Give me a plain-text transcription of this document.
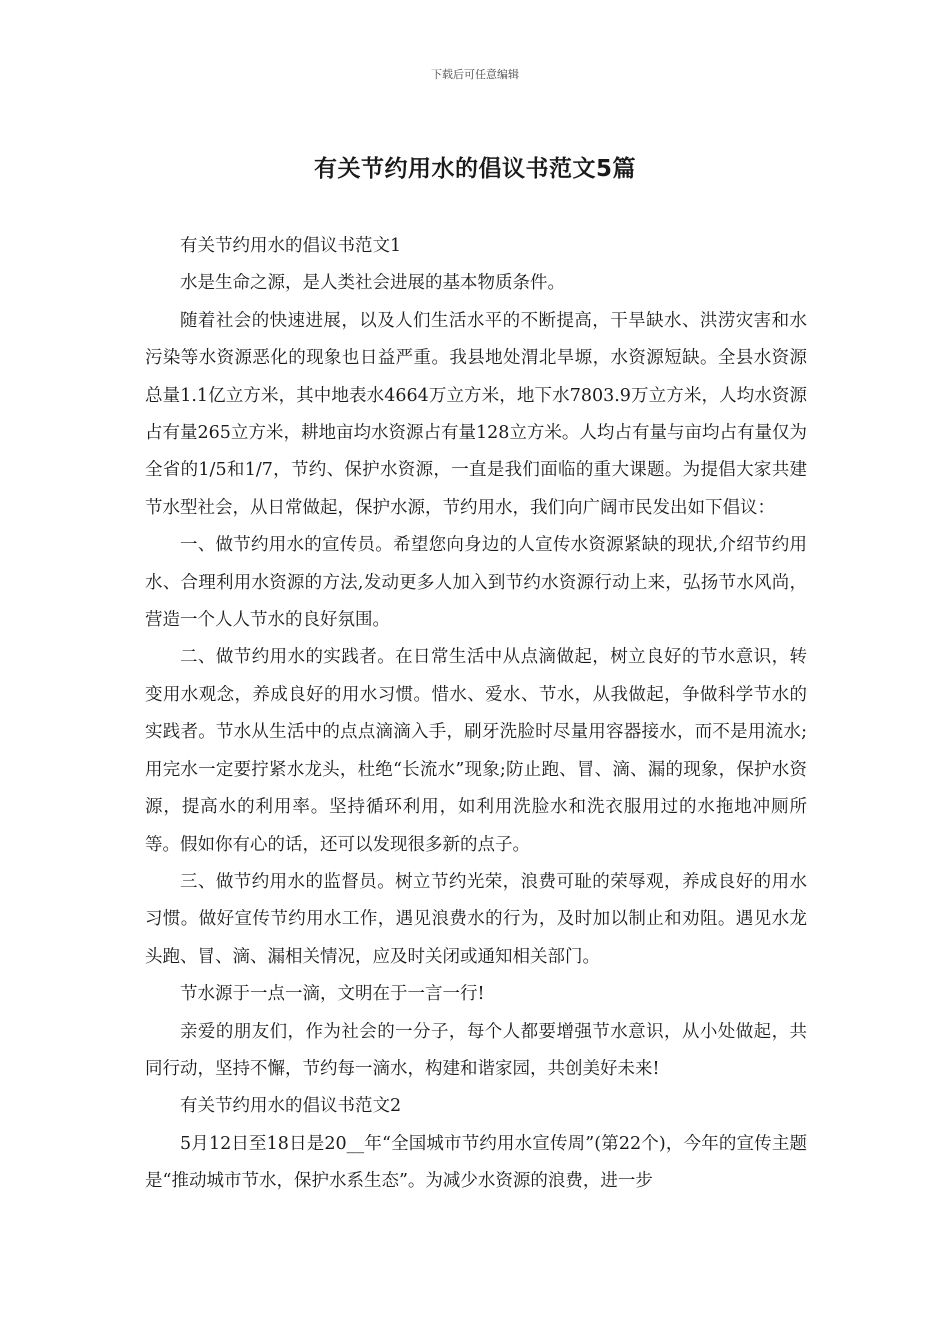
下载后可任意编辑
有关节约用水的倡议书范文5篇

有关节约用水的倡议书范文1

水是生命之源，是人类社会进展的基本物质条件。

随着社会的快速进展，以及人们生活水平的不断提高，干旱缺水、洪涝灾害和水污染等水资源恶化的现象也日益严重。我县地处渭北旱塬，水资源短缺。全县水资源总量1.1亿立方米，其中地表水4664万立方米，地下水7803.9万立方米，人均水资源占有量265立方米，耕地亩均水资源占有量128立方米。人均占有量与亩均占有量仅为全省的1/5和1/7，节约、保护水资源，一直是我们面临的重大课题。为提倡大家共建节水型社会，从日常做起，保护水源，节约用水，我们向广阔市民发出如下倡议：

一、做节约用水的宣传员。希望您向身边的人宣传水资源紧缺的现状,介绍节约用水、合理利用水资源的方法,发动更多人加入到节约水资源行动上来，弘扬节水风尚，营造一个人人节水的良好氛围。

二、做节约用水的实践者。在日常生活中从点滴做起，树立良好的节水意识，转变用水观念，养成良好的用水习惯。惜水、爱水、节水，从我做起，争做科学节水的实践者。节水从生活中的点点滴滴入手，刷牙洗脸时尽量用容器接水，而不是用流水;用完水一定要拧紧水龙头，杜绝“长流水”现象;防止跑、冒、滴、漏的现象，保护水资源，提高水的利用率。坚持循环利用，如利用洗脸水和洗衣服用过的水拖地冲厕所等。假如你有心的话，还可以发现很多新的点子。

三、做节约用水的监督员。树立节约光荣，浪费可耻的荣辱观，养成良好的用水习惯。做好宣传节约用水工作，遇见浪费水的行为，及时加以制止和劝阻。遇见水龙头跑、冒、滴、漏相关情况，应及时关闭或通知相关部门。

节水源于一点一滴，文明在于一言一行!

亲爱的朋友们，作为社会的一分子，每个人都要增强节水意识，从小处做起，共同行动，坚持不懈，节约每一滴水，构建和谐家园，共创美好未来!

有关节约用水的倡议书范文2

5月12日至18日是20__年“全国城市节约用水宣传周”(第22个)，今年的宣传主题是“推动城市节水，保护水系生态”。为减少水资源的浪费，进一步
